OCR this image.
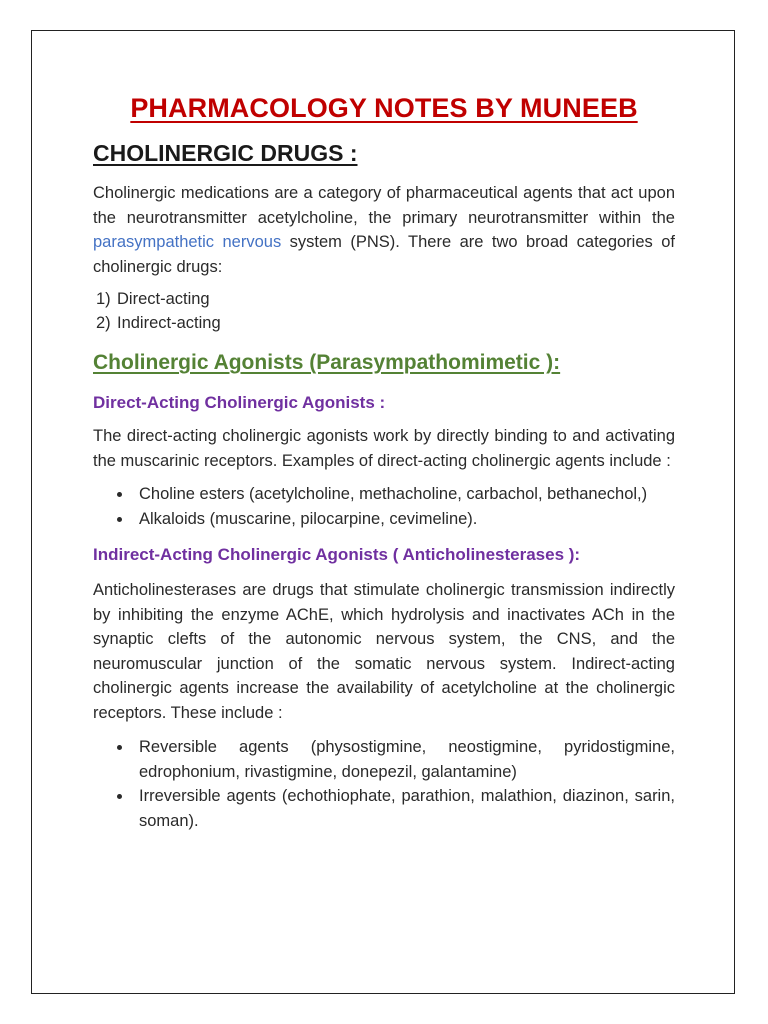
PHARMACOLOGY NOTES BY MUNEEB
CHOLINERGIC DRUGS :

Cholinergic medications are a category of pharmaceutical agents that act upon the neurotransmitter acetylcholine, the primary neurotransmitter within the parasympathetic nervous system (PNS). There are two broad categories of cholinergic drugs:

1) Direct-acting
2) Indirect-acting
Cholinergic Agonists (Parasympathomimetic ):
Direct-Acting Cholinergic Agonists :

The direct-acting cholinergic agonists work by directly binding to and activating the muscarinic receptors. Examples of direct-acting cholinergic agents include :

Choline esters (acetylcholine, methacholine, carbachol, bethanechol,)
Alkaloids (muscarine, pilocarpine, cevimeline).
Indirect-Acting Cholinergic Agonists ( Anticholinesterases ):

Anticholinesterases are drugs that stimulate cholinergic transmission indirectly by inhibiting the enzyme AChE, which hydrolysis and inactivates ACh in the synaptic clefts of the autonomic nervous system, the CNS, and the neuromuscular junction of the somatic nervous system. Indirect-acting cholinergic agents increase the availability of acetylcholine at the cholinergic receptors. These include :

Reversible agents (physostigmine, neostigmine, pyridostigmine, edrophonium, rivastigmine, donepezil, galantamine)
Irreversible agents (echothiophate, parathion, malathion, diazinon, sarin, soman).
